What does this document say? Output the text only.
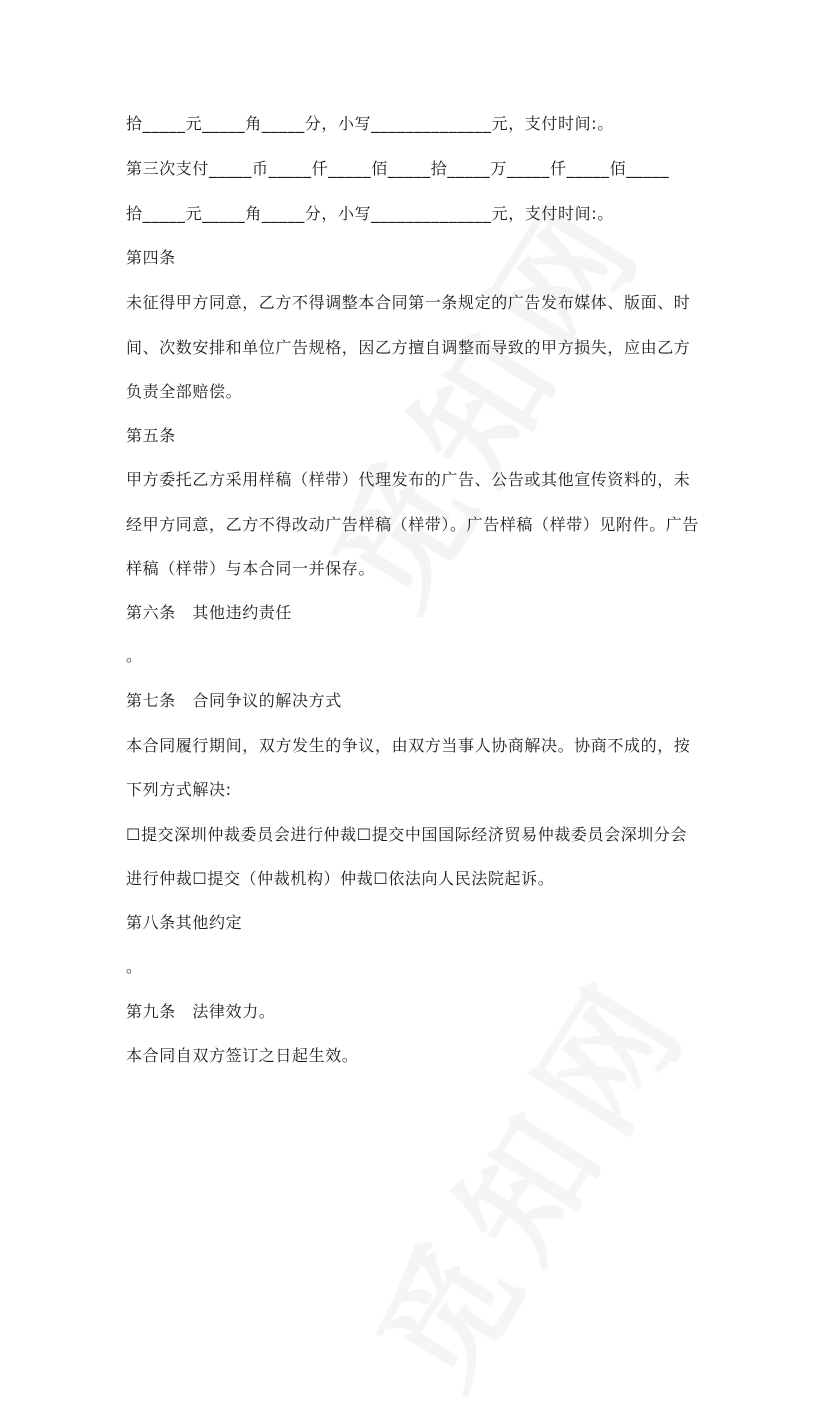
拾_____元_____角_____分，小写______________元，支付时间:。
第三次支付_____币_____仟_____佰_____拾_____万_____仟_____佰_____
拾_____元_____角_____分，小写______________元，支付时间:。
第四条
未征得甲方同意，乙方不得调整本合同第一条规定的广告发布媒体、版面、时
间、次数安排和单位广告规格，因乙方擅自调整而导致的甲方损失，应由乙方
负责全部赔偿。
第五条
甲方委托乙方采用样稿（样带）代理发布的广告、公告或其他宣传资料的，未
经甲方同意，乙方不得改动广告样稿（样带）。广告样稿（样带）见附件。广告
样稿（样带）与本合同一并保存。
第六条　其他违约责任
。
第七条　合同争议的解决方式
本合同履行期间，双方发生的争议，由双方当事人协商解决。协商不成的，按
下列方式解决:
☐提交深圳仲裁委员会进行仲裁☐提交中国国际经济贸易仲裁委员会深圳分会
进行仲裁☐提交（仲裁机构）仲裁☐依法向人民法院起诉。
第八条其他约定
。
第九条　法律效力。
本合同自双方签订之日起生效。
